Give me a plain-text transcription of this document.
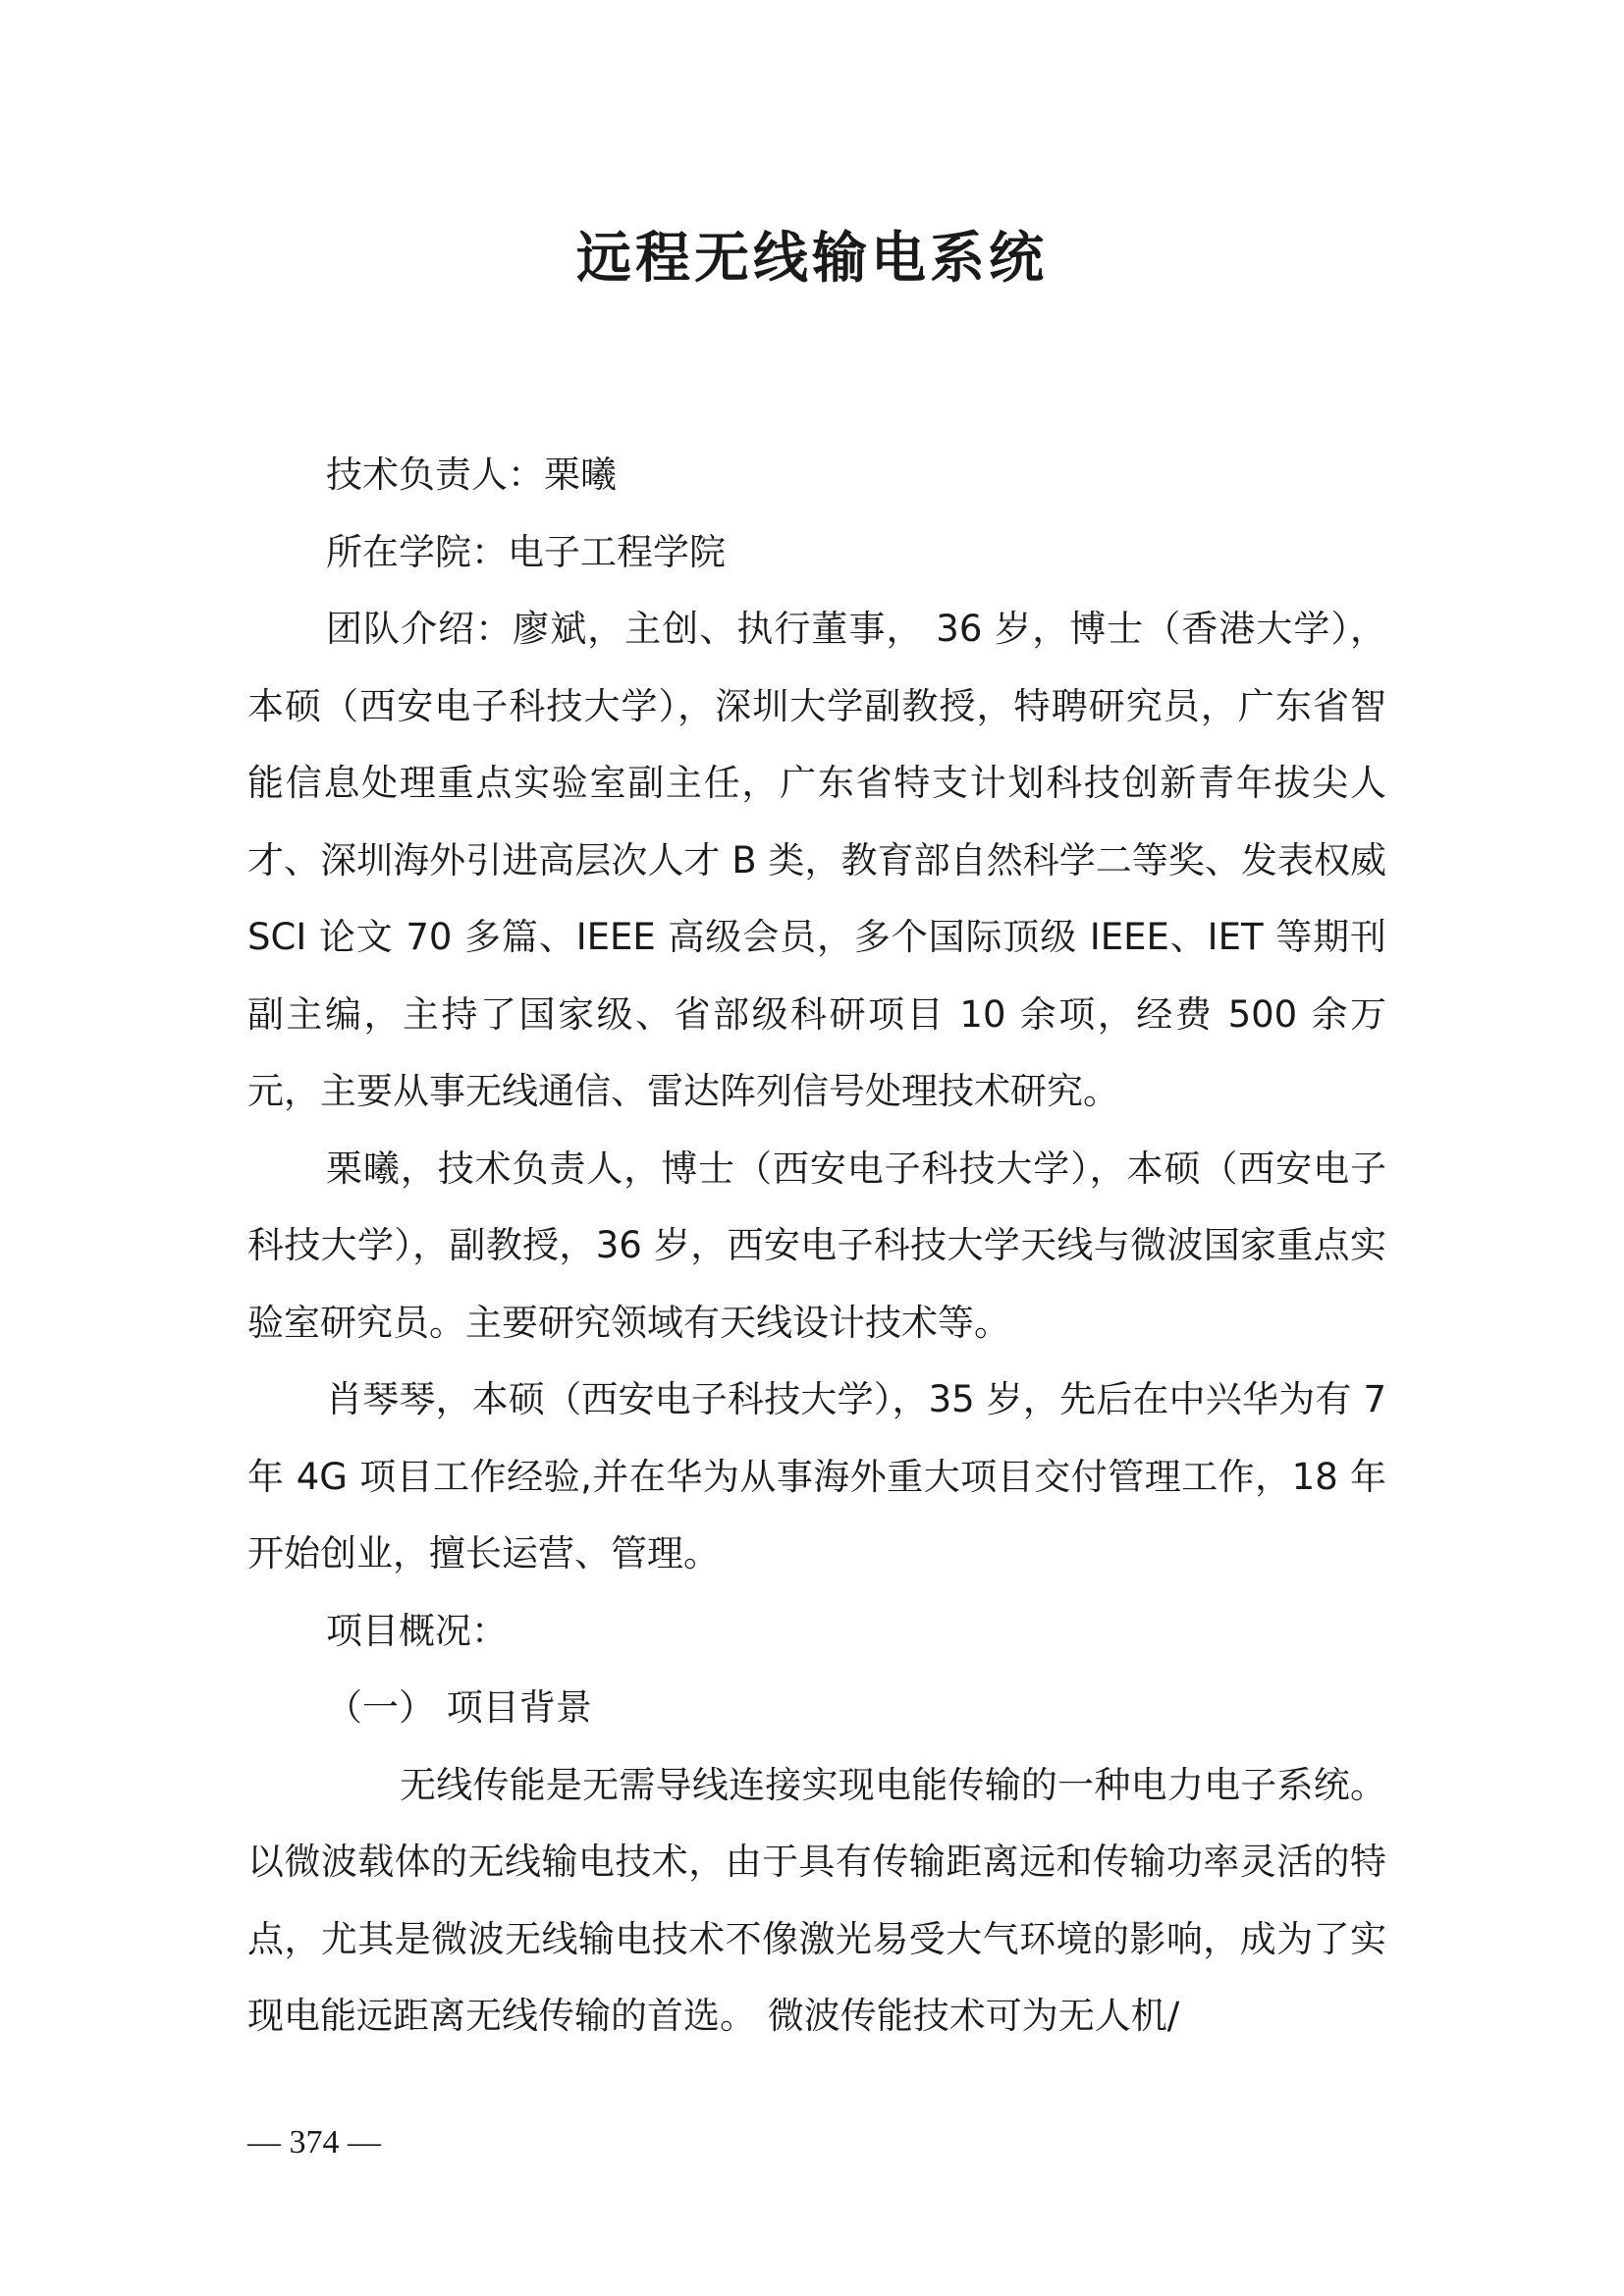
远程无线输电系统

技术负责人：栗曦

所在学院：电子工程学院

团队介绍：廖斌，主创、执行董事， 36 岁，博士（香港大学），本硕（西安电子科技大学），深圳大学副教授，特聘研究员，广东省智能信息处理重点实验室副主任，广东省特支计划科技创新青年拔尖人才、深圳海外引进高层次人才 B 类，教育部自然科学二等奖、发表权威 SCI 论文 70 多篇、IEEE 高级会员，多个国际顶级 IEEE、IET 等期刊副主编，主持了国家级、省部级科研项目 10 余项，经费 500 余万元，主要从事无线通信、雷达阵列信号处理技术研究。

栗曦，技术负责人，博士（西安电子科技大学），本硕（西安电子科技大学），副教授，36 岁，西安电子科技大学天线与微波国家重点实验室研究员。主要研究领域有天线设计技术等。

肖琴琴，本硕（西安电子科技大学），35 岁，先后在中兴华为有 7 年 4G 项目工作经验,并在华为从事海外重大项目交付管理工作，18 年开始创业，擅长运营、管理。

项目概况：

（一） 项目背景

无线传能是无需导线连接实现电能传输的一种电力电子系统。以微波载体的无线输电技术，由于具有传输距离远和传输功率灵活的特点，尤其是微波无线输电技术不像激光易受大气环境的影响，成为了实现电能远距离无线传输的首选。 微波传能技术可为无人机/

— 374 —
